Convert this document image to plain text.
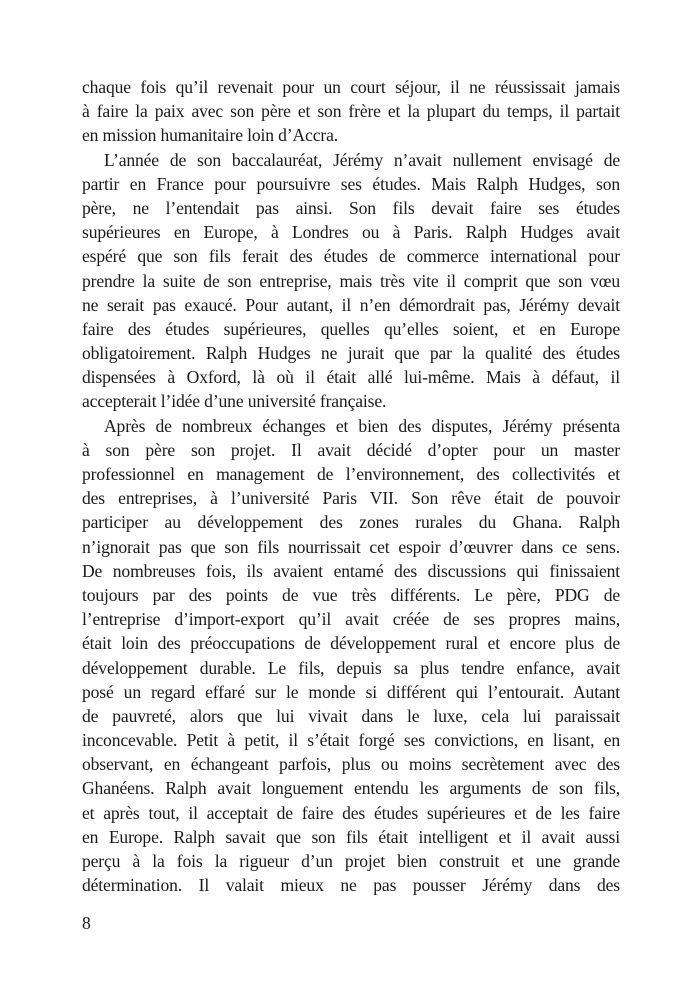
chaque fois qu’il revenait pour un court séjour, il ne réussissait jamais
à faire la paix avec son père et son frère et la plupart du temps, il partait
en mission humanitaire loin d’Accra.
L’année de son baccalauréat, Jérémy n’avait nullement envisagé de
partir en France pour poursuivre ses études. Mais Ralph Hudges, son
père, ne l’entendait pas ainsi. Son fils devait faire ses études
supérieures en Europe, à Londres ou à Paris. Ralph Hudges avait
espéré que son fils ferait des études de commerce international pour
prendre la suite de son entreprise, mais très vite il comprit que son vœu
ne serait pas exaucé. Pour autant, il n’en démordrait pas, Jérémy devait
faire des études supérieures, quelles qu’elles soient, et en Europe
obligatoirement. Ralph Hudges ne jurait que par la qualité des études
dispensées à Oxford, là où il était allé lui-même. Mais à défaut, il
accepterait l’idée d’une université française.
Après de nombreux échanges et bien des disputes, Jérémy présenta
à son père son projet. Il avait décidé d’opter pour un master
professionnel en management de l’environnement, des collectivités et
des entreprises, à l’université Paris VII. Son rêve était de pouvoir
participer au développement des zones rurales du Ghana. Ralph
n’ignorait pas que son fils nourrissait cet espoir d’œuvrer dans ce sens.
De nombreuses fois, ils avaient entamé des discussions qui finissaient
toujours par des points de vue très différents. Le père, PDG de
l’entreprise d’import-export qu’il avait créée de ses propres mains,
était loin des préoccupations de développement rural et encore plus de
développement durable. Le fils, depuis sa plus tendre enfance, avait
posé un regard effaré sur le monde si différent qui l’entourait. Autant
de pauvreté, alors que lui vivait dans le luxe, cela lui paraissait
inconcevable. Petit à petit, il s’était forgé ses convictions, en lisant, en
observant, en échangeant parfois, plus ou moins secrètement avec des
Ghanéens. Ralph avait longuement entendu les arguments de son fils,
et après tout, il acceptait de faire des études supérieures et de les faire
en Europe. Ralph savait que son fils était intelligent et il avait aussi
perçu à la fois la rigueur d’un projet bien construit et une grande
détermination. Il valait mieux ne pas pousser Jérémy dans des
8
